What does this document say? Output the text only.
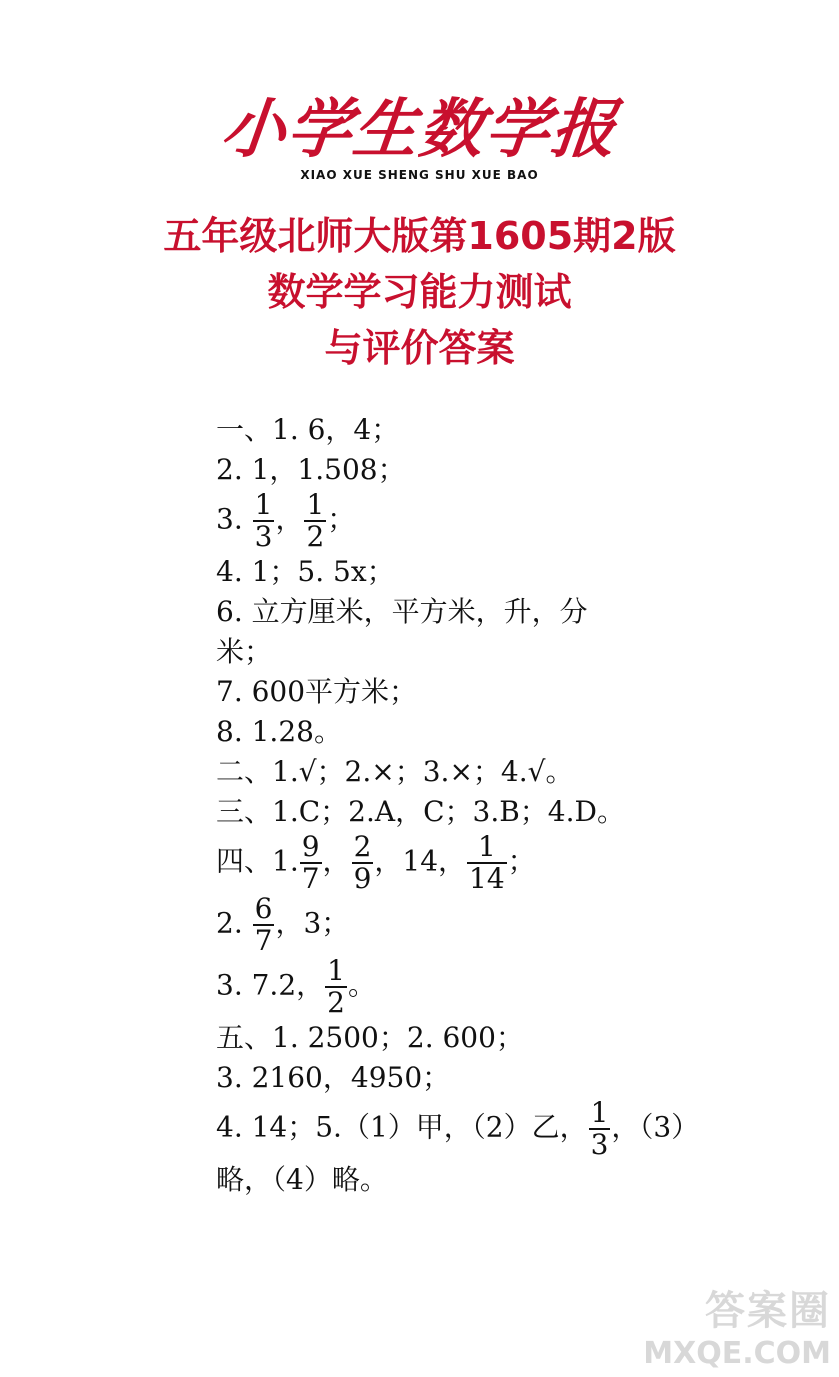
小学生数学报
XIAO XUE SHENG SHU XUE BAO
五年级北师大版第1605期2版
数学学习能力测试
与评价答案
一、1. 6，4；
2. 1，1.508；
3. $\frac{1}{3}$ ， $\frac{1}{2}$ ；
4. 1；5. 5x；
6. 立方厘米，平方米，升，分
米；
7. 600平方米；
8. 1.28。
二、1.√；2.×；3.×；4.√。
三、1.C；2.A，C；3.B；4.D。
四、1. $\frac{9}{7}$ ， $\frac{2}{9}$ ，14， $\frac{1}{14}$ ；
2. $\frac{6}{7}$ ，3；
3. 7.2， $\frac{1}{2}$ 。
五、1. 2500；2. 600；
3. 2160，4950；
4. 14；5.（1）甲，（2）乙， $\frac{1}{3}$ ，（3）
略，（4）略。
答案圈
MXQE.COM
